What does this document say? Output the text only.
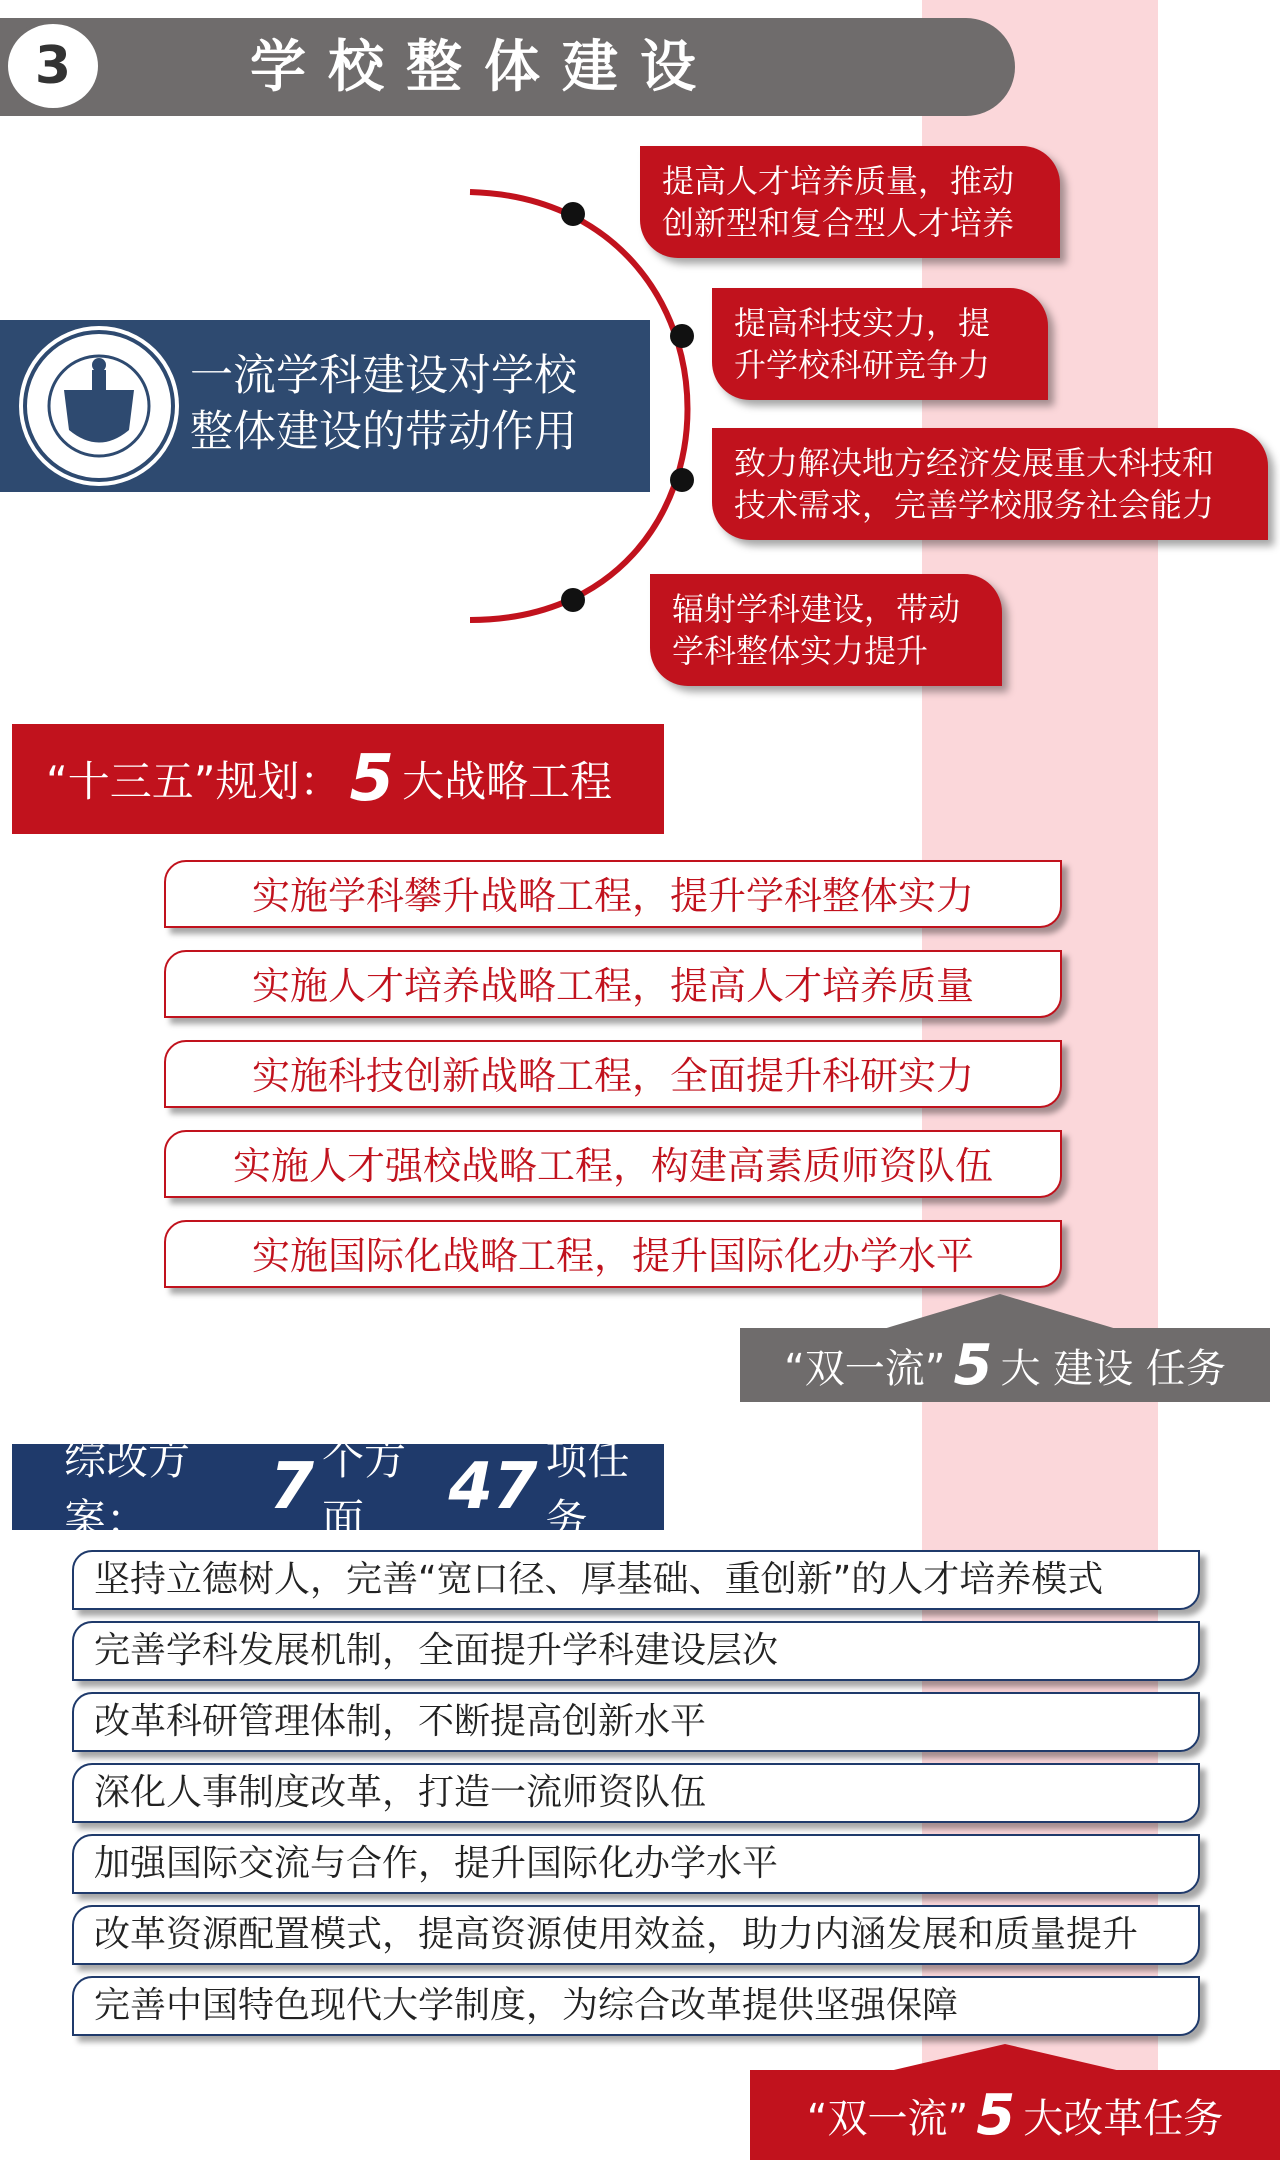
3	学校整体建设
一流学科建设对学校
整体建设的带动作用
提高人才培养质量，推动
创新型和复合型人才培养
提高科技实力，提
升学校科研竞争力
致力解决地方经济发展重大科技和
技术需求，完善学校服务社会能力
辐射学科建设，带动
学科整体实力提升
“十三五”规划： 5 大战略工程
实施学科攀升战略工程，提升学科整体实力
实施人才培养战略工程，提高人才培养质量
实施科技创新战略工程，全面提升科研实力
实施人才强校战略工程，构建高素质师资队伍
实施国际化战略工程，提升国际化办学水平
“双一流” 5 大 建设 任务
综改方案：	7 个方面	47 项任务
坚持立德树人，完善“宽口径、厚基础、重创新”的人才培养模式
完善学科发展机制，全面提升学科建设层次
改革科研管理体制，不断提高创新水平
深化人事制度改革，打造一流师资队伍
加强国际交流与合作，提升国际化办学水平
改革资源配置模式，提高资源使用效益，助力内涵发展和质量提升
完善中国特色现代大学制度，为综合改革提供坚强保障
“双一流” 5 大改革任务
